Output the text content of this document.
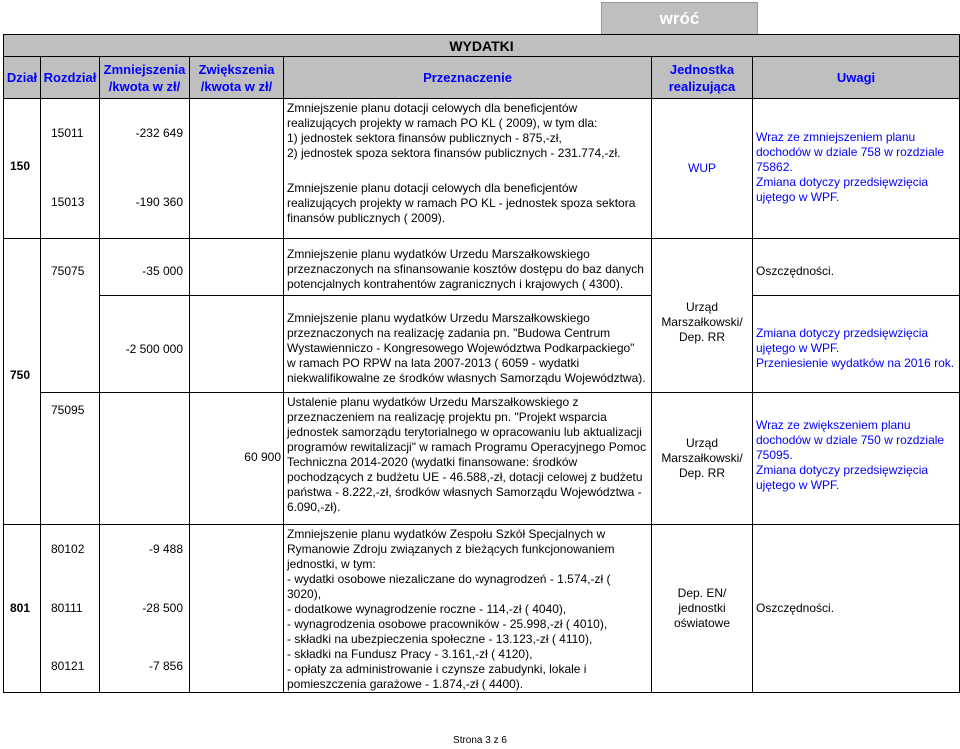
wróć
WYDATKI
Dział Rozdział
Zmniejszenia
/kwota w zł/
Zwiększenia
/kwota w zł/
Przeznaczenie
Jednostka
realizująca
Uwagi
150
15011
15013
-232 649
-190 360
Zmniejszenie planu dotacji celowych dla beneficjentów
realizujących projekty w ramach PO KL ( 2009), w tym dla:
1) jednostek sektora finansów publicznych - 875,-zł,
2) jednostek spoza sektora finansów publicznych - 231.774,-zł.
Zmniejszenie planu dotacji celowych dla beneficjentów
realizujących projekty w ramach PO KL - jednostek spoza sektora
finansów publicznych ( 2009).
WUP
Wraz ze zmniejszeniem planu
dochodów w dziale 758 w rozdziale
75862.
Zmiana dotyczy przedsięwzięcia
ujętego w WPF.
750
75075
75095
-35 000
-2 500 000
60 900
Zmniejszenie planu wydatków Urzedu Marszałkowskiego
przeznaczonych na sfinansowanie kosztów dostępu do baz danych
potencjalnych kontrahentów zagranicznych i krajowych ( 4300).
Zmniejszenie planu wydatków Urzedu Marszałkowskiego
przeznaczonych na realizację zadania pn. "Budowa Centrum
Wystawienniczo - Kongresowego Województwa Podkarpackiego"
w ramach PO RPW na lata 2007-2013 ( 6059 - wydatki
niekwalifikowalne ze środków własnych Samorządu Województwa).
Ustalenie planu wydatków Urzedu Marszałkowskiego z
przeznaczeniem na realizację projektu pn. "Projekt wsparcia
jednostek samorządu terytorialnego w opracowaniu lub aktualizacji
programów rewitalizacji" w ramach Programu Operacyjnego Pomoc
Techniczna 2014-2020 (wydatki finansowane: środków
pochodzących z budżetu UE - 46.588,-zł, dotacji celowej z budżetu
państwa - 8.222,-zł, środków własnych Samorządu Województwa -
6.090,-zł).
Urząd
Marszałkowski/
Dep. RR
Urząd
Marszałkowski/
Dep. RR
Oszczędności.
Zmiana dotyczy przedsięwzięcia
ujętego w WPF.
Przeniesienie wydatków na 2016 rok.
Wraz ze zwiększeniem planu
dochodów w dziale 750 w rozdziale
75095.
Zmiana dotyczy przedsięwzięcia
ujętego w WPF.
801
80102
80111
80121
-9 488
-28 500
-7 856
Zmniejszenie planu wydatków Zespołu Szkół Specjalnych w
Rymanowie Zdroju związanych z bieżących funkcjonowaniem
jednostki, w tym:
- wydatki osobowe niezaliczane do wynagrodzeń - 1.574,-zł (
3020),
- dodatkowe wynagrodzenie roczne - 114,-zł ( 4040),
- wynagrodzenia osobowe pracowników - 25.998,-zł ( 4010),
- składki na ubezpieczenia społeczne - 13.123,-zł ( 4110),
- składki na Fundusz Pracy - 3.161,-zł ( 4120),
- opłaty za administrowanie i czynsze zabudynki, lokale i
pomieszczenia garażowe - 1.874,-zł ( 4400).
Dep. EN/
jednostki
oświatowe
Oszczędności.
Strona 3 z 6
